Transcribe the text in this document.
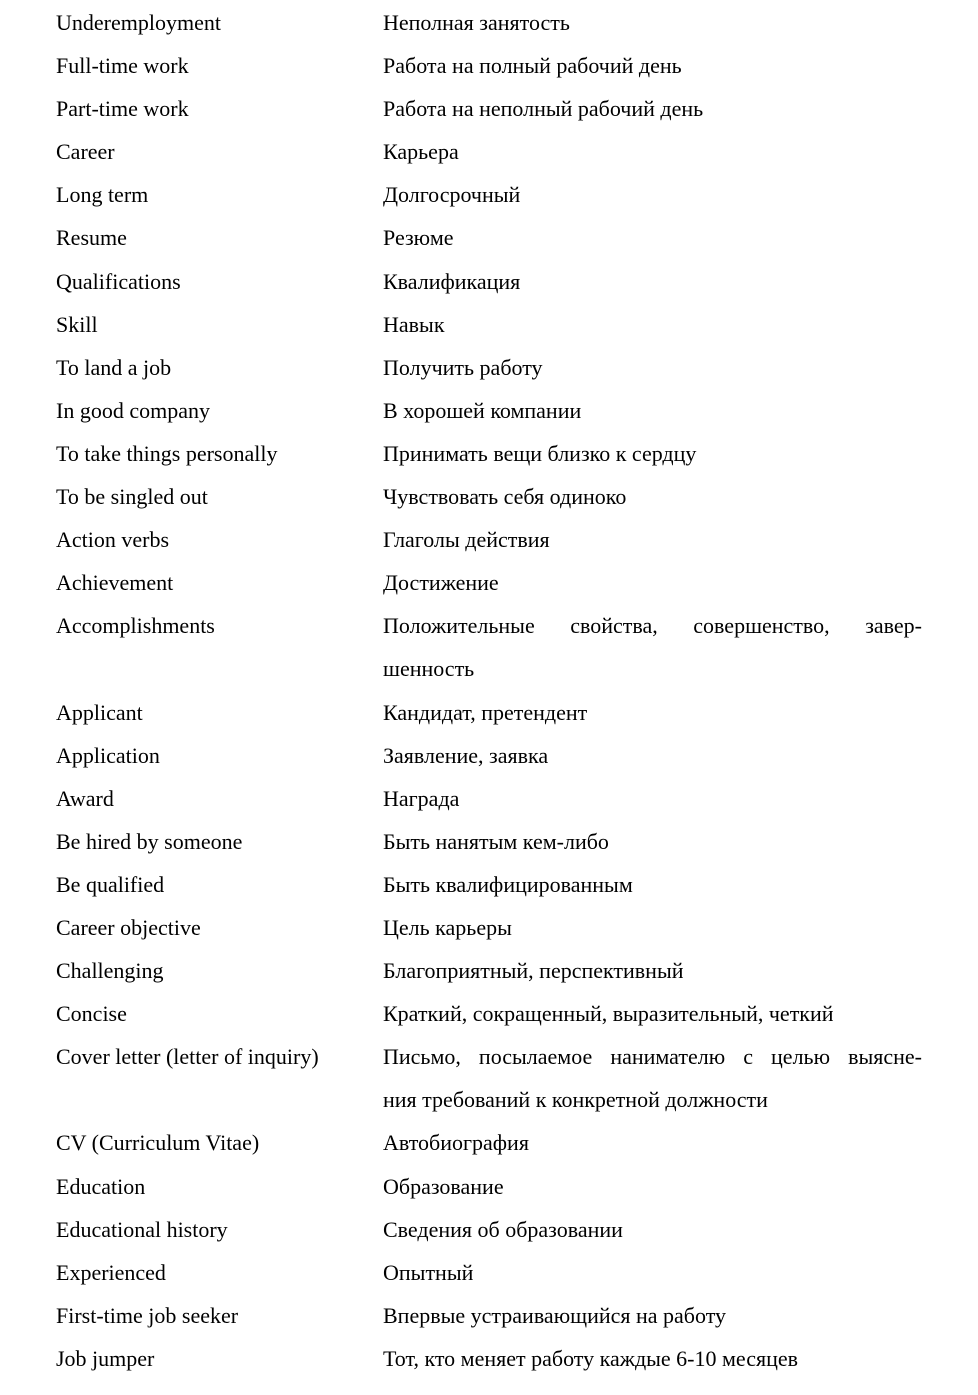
Underemployment	Неполная занятость
Full-time work	Работа на полный рабочий день
Part-time work	Работа на неполный рабочий день
Career	Карьера
Long term	Долгосрочный
Resume	Резюме
Qualifications	Квалификация
Skill	Навык
To land a job	Получить работу
In good company	В хорошей компании
To take things personally	Принимать вещи близко к сердцу
To be singled out	Чувствовать себя одиноко
Action verbs	Глаголы действия
Achievement	Достижение
Accomplishments	Положительные свойства, совершенство, завер-
шенность
Applicant	Кандидат, претендент
Application	Заявление, заявка
Award	Награда
Be hired by someone	Быть нанятым кем-либо
Be qualified	Быть квалифицированным
Career objective	Цель карьеры
Challenging	Благоприятный, перспективный
Concise	Краткий, сокращенный, выразительный, четкий
Cover letter (letter of inquiry)	Письмо, посылаемое нанимателю с целью выясне-
ния требований к конкретной должности
CV (Curriculum Vitae)	Автобиография
Education	Образование
Educational history	Сведения об образовании
Experienced	Опытный
First-time job seeker	Впервые устраивающийся на работу
Job jumper	Тот, кто меняет работу каждые 6-10 месяцев
